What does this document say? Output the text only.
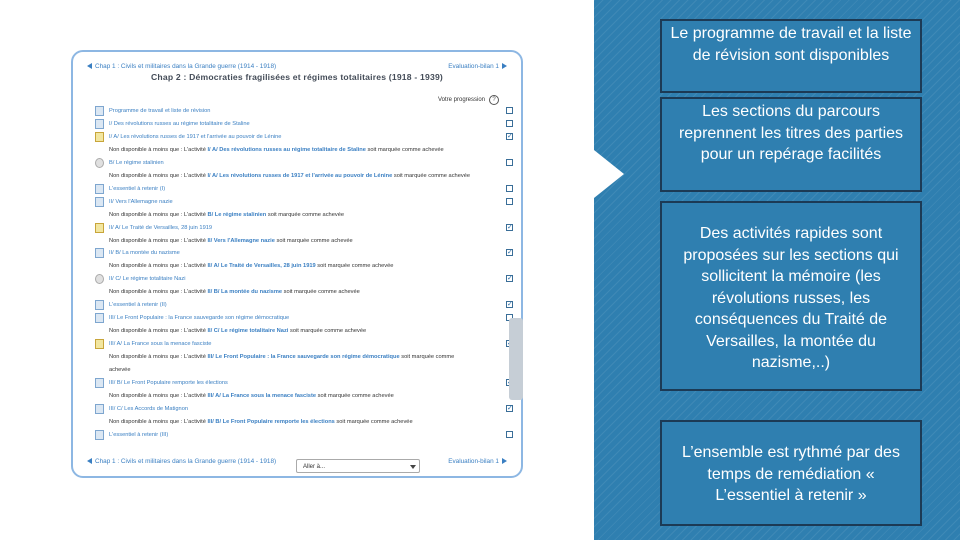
Chap 1 : Civils et militaires dans la Grande guerre (1914 - 1918)	Evaluation-bilan 1
Chap 2 : Démocraties fragilisées et régimes totalitaires (1918 - 1939)
Votre progression	?
Programme de travail et liste de révision
I/ Des révolutions russes au régime totalitaire de Staline
I/ A/ Les révolutions russes de 1917 et l'arrivée au pouvoir de Lénine
✓
Non disponible à moins que : L'activité I/ A/ Des révolutions russes au régime totalitaire de Staline soit marquée comme achevée
B/ Le régime stalinien
Non disponible à moins que : L'activité I/ A/ Les révolutions russes de 1917 et l'arrivée au pouvoir de Lénine soit marquée comme achevée
L'essentiel à retenir (I)
II/ Vers l'Allemagne nazie
Non disponible à moins que : L'activité B/ Le régime stalinien soit marquée comme achevée
II/ A/ Le Traité de Versailles, 28 juin 1919
✓
Non disponible à moins que : L'activité II/ Vers l'Allemagne nazie soit marquée comme achevée
II/ B/ La montée du nazisme
✓
Non disponible à moins que : L'activité II/ A/ Le Traité de Versailles, 28 juin 1919 soit marquée comme achevée
II/ C/ Le régime totalitaire Nazi
✓
Non disponible à moins que : L'activité II/ B/ La montée du nazisme soit marquée comme achevée
L'essentiel à retenir (II)
✓
III/ Le Front Populaire : la France sauvegarde son régime démocratique
Non disponible à moins que : L'activité II/ C/ Le régime totalitaire Nazi soit marquée comme achevée
III/ A/ La France sous la menace fasciste
✓
Non disponible à moins que : L'activité III/ Le Front Populaire : la France sauvegarde son régime démocratique soit marquée comme
achevée
III/ B/ Le Front Populaire remporte les élections
✓
Non disponible à moins que : L'activité III/ A/ La France sous la menace fasciste soit marquée comme achevée
III/ C/ Les Accords de Matignon
✓
Non disponible à moins que : L'activité III/ B/ Le Front Populaire remporte les élections soit marquée comme achevée
L'essentiel à retenir (III)
Chap 1 : Civils et militaires dans la Grande guerre (1914 - 1918)
Aller à...
Evaluation-bilan 1
Le programme de travail et la liste de révision sont disponibles
Les sections du parcours reprennent les titres des parties pour un repérage facilités
Des activités rapides sont proposées sur les sections qui sollicitent la mémoire (les révolutions russes, les conséquences du Traité de Versailles, la montée du nazisme,..)
L’ensemble est rythmé par des temps de remédiation « L’essentiel à retenir »
